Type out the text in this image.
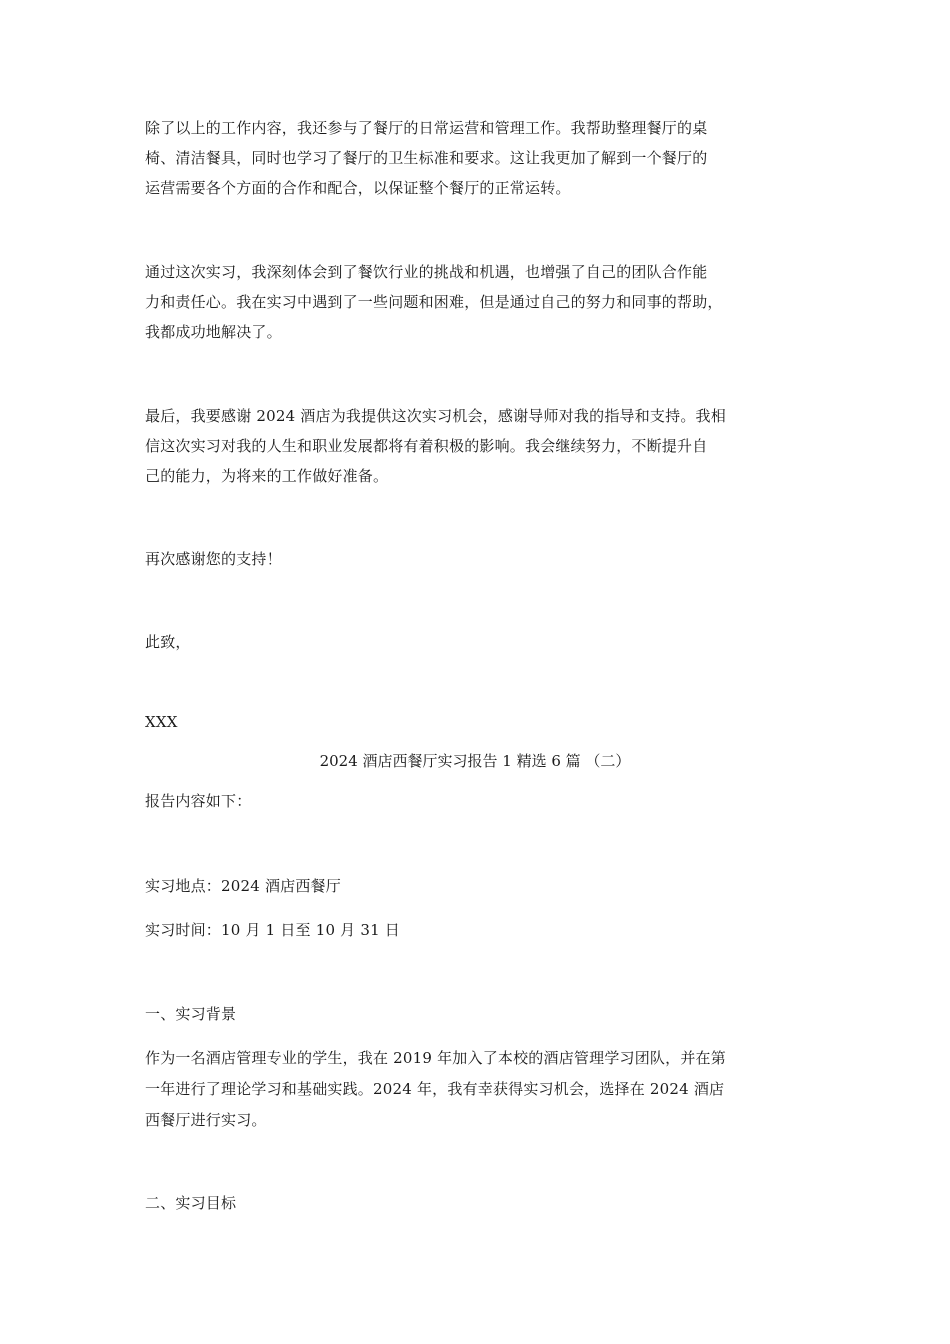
除了以上的工作内容，我还参与了餐厅的日常运营和管理工作。我帮助整理餐厅的桌
椅、清洁餐具，同时也学习了餐厅的卫生标准和要求。这让我更加了解到一个餐厅的
运营需要各个方面的合作和配合，以保证整个餐厅的正常运转。
通过这次实习，我深刻体会到了餐饮行业的挑战和机遇，也增强了自己的团队合作能
力和责任心。我在实习中遇到了一些问题和困难，但是通过自己的努力和同事的帮助，
我都成功地解决了。
最后，我要感谢 2024 酒店为我提供这次实习机会，感谢导师对我的指导和支持。我相
信这次实习对我的人生和职业发展都将有着积极的影响。我会继续努力，不断提升自
己的能力，为将来的工作做好准备。
再次感谢您的支持！
此致，
XXX
2024 酒店西餐厅实习报告 1 精选 6 篇 （二）
报告内容如下：
实习地点：2024 酒店西餐厅
实习时间：10 月 1 日至 10 月 31 日
一、实习背景
作为一名酒店管理专业的学生，我在 2019 年加入了本校的酒店管理学习团队，并在第
一年进行了理论学习和基础实践。2024 年，我有幸获得实习机会，选择在 2024 酒店
西餐厅进行实习。
二、实习目标
